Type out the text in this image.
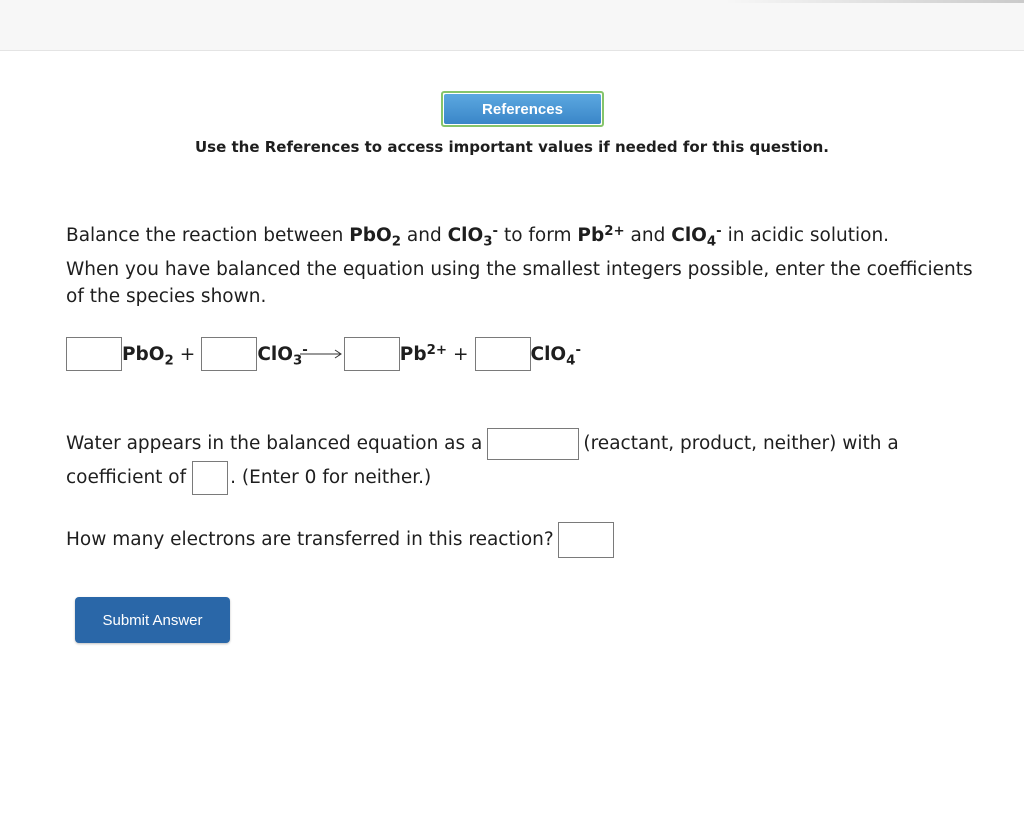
References
Use the References to access important values if needed for this question.
Balance the reaction between PbO$_2$ and ClO$_3$- to form $Pb^{2+}$ and ClO$_4$- in acidic solution.
When you have balanced the equation using the smallest integers possible, enter the coefficients of the species shown.
PbO$_2$ +	ClO$_3$-	$Pb^{2+}$ +	ClO$_4$-
Water appears in the balanced equation as a	(reactant, product, neither) with a
coefficient of . (Enter 0 for neither.)
How many electrons are transferred in this reaction?
Submit Answer
